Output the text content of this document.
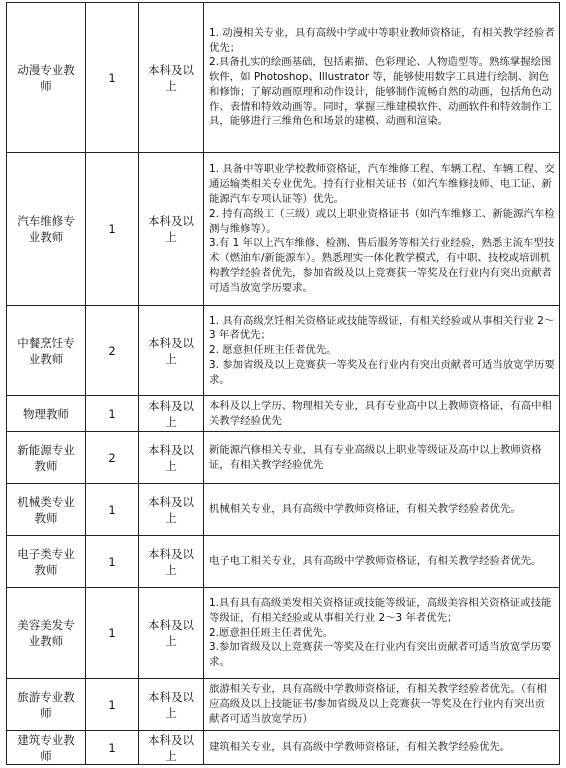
动漫专业教师	1	本科及以上	1. 动漫相关专业，具有高级中学或中等职业教师资格证，有相关教学经验者优先；
2.具备扎实的绘画基础，包括素描、色彩理论、人物造型等。熟练掌握绘图软件，如 Photoshop、Illustrator 等，能够使用数字工具进行绘制、润色和修饰；了解动画原理和动作设计，能够制作流畅自然的动画，包括角色动作、表情和特效动画等。同时，掌握三维建模软件、动画软件和特效制作工具，能够进行三维角色和场景的建模、动画和渲染。

汽车维修专业教师	1	本科及以上	1. 具备中等职业学校教师资格证，汽车维修工程、车辆工程、车辆工程、交通运输类相关专业优先。持有行业相关证书（如汽车维修技师、电工证、新能源汽车专项认证等）优先。
2. 持有高级工（三级）或以上职业资格证书（如汽车维修工、新能源汽车检测与维修等）。
3.有 1 年以上汽车维修、检测、售后服务等相关行业经验，熟悉主流车型技术（燃油车/新能源车）。熟悉理实一体化教学模式，有中职、技校或培训机构教学经验者优先，参加省级及以上竞赛获一等奖及在行业内有突出贡献者可适当放宽学历要求。

中餐烹饪专业教师	2	本科及以上	1. 具有高级烹饪相关资格证或技能等级证，有相关经验或从事相关行业 2～3 年者优先；
2. 愿意担任班主任者优先。
3. 参加省级及以上竞赛获一等奖及在行业内有突出贡献者可适当放宽学历要求。

物理教师	1	本科及以上	本科及以上学历、物理相关专业，具有专业高中以上教师资格证，有高中相关教学经验优先

新能源专业教师	2	本科及以上	新能源汽修相关专业，具有专业高级以上职业等级证及高中以上教师资格证，有相关教学经验优先

机械类专业教师	1	本科及以上	机械相关专业，具有高级中学教师资格证，有相关教学经验者优先。

电子类专业教师	1	本科及以上	电子电工相关专业，具有高级中学教师资格证，有相关教学经验者优先。

美容美发专业教师	1	本科及以上	1.具有具有高级美发相关资格证或技能等级证，高级美容相关资格证或技能等级证，有相关经验或从事相关行业 2～3 年者优先；
2.愿意担任班主任者优先。
3.参加省级及以上竞赛获一等奖及在行业内有突出贡献者可适当放宽学历要求。

旅游专业教师	1	本科及以上	旅游相关专业，具有高级中学教师资格证，有相关教学经验者优先。（有相应高级及以上技能证书/参加省级及以上竞赛获一等奖及在行业内有突出贡献者可适当放宽学历）

建筑专业教师	1	本科及以上	建筑相关专业，具有高级中学教师资格证，有相关教学经验优先。
